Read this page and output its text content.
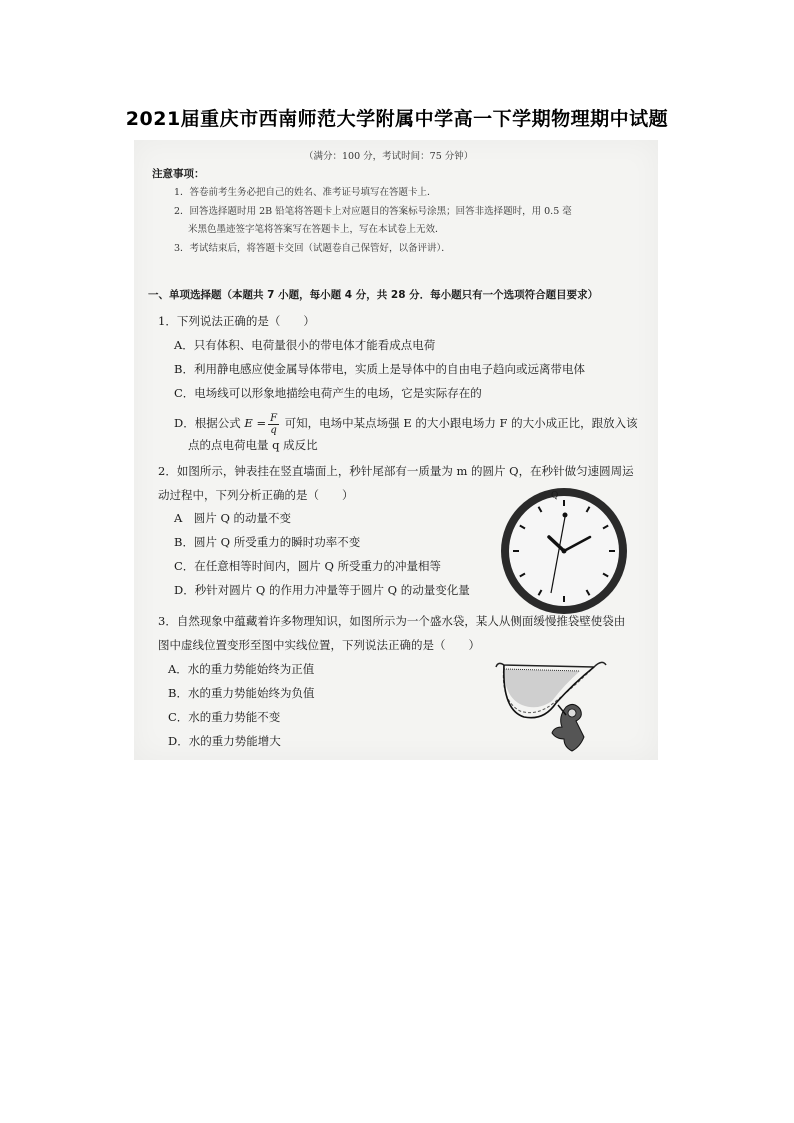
2021届重庆市西南师范大学附属中学高一下学期物理期中试题
（满分：100 分，考试时间：75 分钟）
注意事项：
1．答卷前考生务必把自己的姓名、准考证号填写在答题卡上．
2．回答选择题时用 2B 铅笔将答题卡上对应题目的答案标号涂黑；回答非选择题时，用 0.5 毫
米黑色墨迹签字笔将答案写在答题卡上，写在本试卷上无效．
3．考试结束后，将答题卡交回（试题卷自己保管好，以备评讲）．
一、单项选择题（本题共 7 小题，每小题 4 分，共 28 分．每小题只有一个选项符合题目要求）
1．下列说法正确的是（　　）
A．只有体积、电荷量很小的带电体才能看成点电荷
B．利用静电感应使金属导体带电，实质上是导体中的自由电子趋向或远离带电体
C．电场线可以形象地描绘电荷产生的电场，它是实际存在的
D．根据公式 $E = \frac{F}{q}$ 可知，电场中某点场强 E 的大小跟电场力 F 的大小成正比，跟放入该
点的点电荷电量 q 成反比
2．如图所示，钟表挂在竖直墙面上，秒针尾部有一质量为 m 的圆片 Q，在秒针做匀速圆周运
动过程中，下列分析正确的是（　　）
A　圆片 Q 的动量不变
B．圆片 Q 所受重力的瞬时功率不变
C．在任意相等时间内，圆片 Q 所受重力的冲量相等
D．秒针对圆片 Q 的作用力冲量等于圆片 Q 的动量变化量
Q
3．自然现象中蕴藏着许多物理知识，如图所示为一个盛水袋，某人从侧面缓慢推袋壁使袋由
图中虚线位置变形至图中实线位置，下列说法正确的是（　　）
A．水的重力势能始终为正值
B．水的重力势能始终为负值
C．水的重力势能不变
D．水的重力势能增大
